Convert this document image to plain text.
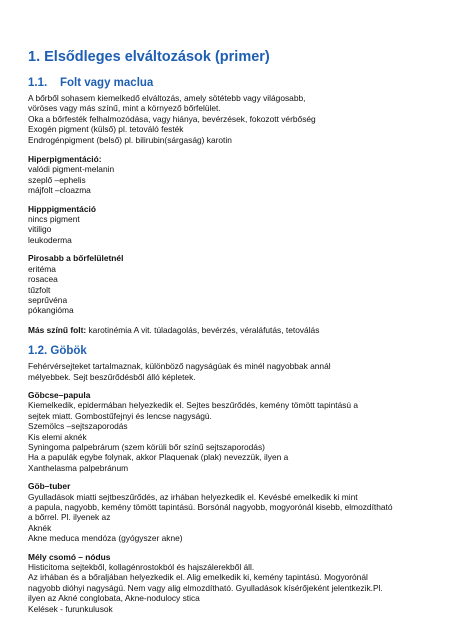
1. Elsődleges elváltozások (primer)
1.1. Folt vagy maclua
A bőrből sohasem kiemelkedő elváltozás, amely sötétebb vagy világosabb,
vöröses vagy más színű, mint a környező bőrfelület.
Oka a bőrfesték felhalmozódása, vagy hiánya, bevérzések, fokozott vérbőség
Exogén pigment (külső) pl. tetováló festék
Endrogénpigment (belső) pl. bilirubin(sárgaság) karotin
Hiperpigmentáció:
valódi pigment-melanin
szeplő –ephelis
májfolt –cloazma
Hipppigmentáció
nincs pigment
vitiligo
leukoderma
Pirosabb a bőrfelületnél
eritéma
rosacea
tűzfolt
seprűvéna
pókangióma
Más színű folt: karotinémia A vit. túladagolás, bevérzés, véraláfutás, tetoválás
1.2. Göbök
Fehérvérsejteket tartalmaznak, különböző nagyságúak és minél nagyobbak annál
mélyebbek. Sejt beszűrődésből álló képletek.
Göbcse–papula
Kiemelkedik, epidermában helyezkedik el. Sejtes beszűrődés, kemény tömött tapintású a
sejtek miatt. Gombostűfejnyi és lencse nagyságú.
Szemölcs –sejtszaporodás
Kis elemi aknék
Syningoma palpebrárum (szem körüli bőr színű sejtszaporodás)
Ha a papulák egybe folynak, akkor Plaquenak (plak) nevezzük, ilyen a
Xanthelasma palpebránum
Göb–tuber
Gyulladások miatti sejtbeszűrődés, az irhában helyezkedik el. Kevésbé emelkedik ki mint
a papula, nagyobb, kemény tömött tapintású. Borsónál nagyobb, mogyorónál kisebb, elmozdítható
a bőrrel. Pl. ilyenek az
Aknék
Akne meduca mendóza (gyógyszer akne)
Mély csomó – nódus
Histicitoma sejtekből, kollagénrostokból és hajszálerekből áll.
Az irhában és a bőraljában helyezkedik el. Alig emelkedik ki, kemény tapintású. Mogyorónál
nagyobb dióhyi nagyságú. Nem vagy alig elmozdítható. Gyulladások kísérőjeként jelentkezik.Pl.
ilyen az Akné conglobata, Akne-nodulocy stica
Kelések - furunkulusok
